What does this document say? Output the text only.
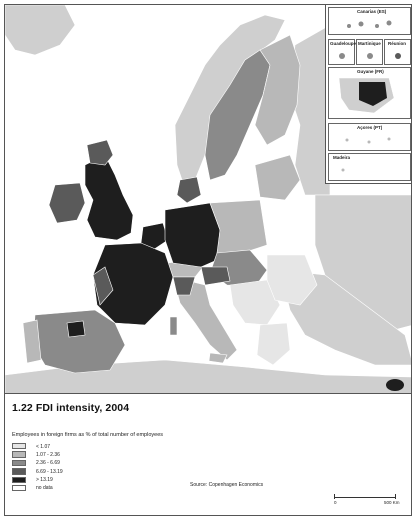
Canarias (ES)
Guadeloupe Martinique Réunion
Guyane (FR)
Açores (PT)
Madeira
1.22 FDI intensity, 2004
Employees in foreign firms as % of total number of employees
< 1.07
1.07 - 2.36
2.36 - 6.69
6.69 - 13.19
> 13.19
no data
Source: Copenhagen Economics
0	500 Km
